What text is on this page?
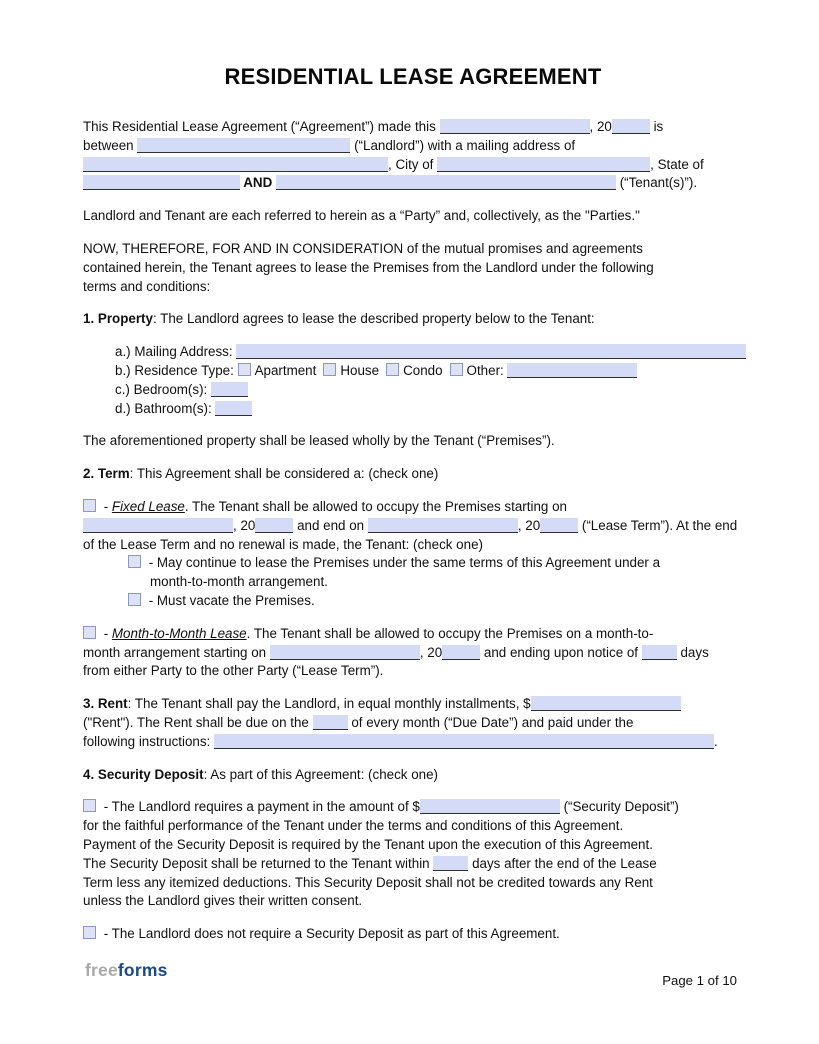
RESIDENTIAL LEASE AGREEMENT
This Residential Lease Agreement (“Agreement”) made this	, 20	is
between	(“Landlord”) with a mailing address of
, City of	, State of
AND	(“Tenant(s)”).
Landlord and Tenant are each referred to herein as a “Party” and, collectively, as the "Parties."
NOW, THEREFORE, FOR AND IN CONSIDERATION of the mutual promises and agreements
contained herein, the Tenant agrees to lease the Premises from the Landlord under the following
terms and conditions:
1. Property: The Landlord agrees to lease the described property below to the Tenant:
a.) Mailing Address:
b.) Residence Type: Apartment House Condo Other:
c.) Bedroom(s):
d.) Bathroom(s):
The aforementioned property shall be leased wholly by the Tenant (“Premises”).
2. Term: This Agreement shall be considered a: (check one)
- Fixed Lease. The Tenant shall be allowed to occupy the Premises starting on
, 20	and end on	, 20	(“Lease Term”). At the end
of the Lease Term and no renewal is made, the Tenant: (check one)
- May continue to lease the Premises under the same terms of this Agreement under a
month-to-month arrangement.
- Must vacate the Premises.
- Month-to-Month Lease. The Tenant shall be allowed to occupy the Premises on a month-to-
month arrangement starting on	, 20	and ending upon notice of	days
from either Party to the other Party (“Lease Term”).
3. Rent: The Tenant shall pay the Landlord, in equal monthly installments, $
("Rent"). The Rent shall be due on the	of every month (“Due Date”) and paid under the
following instructions:	.
4. Security Deposit: As part of this Agreement: (check one)
- The Landlord requires a payment in the amount of $	(“Security Deposit”)
for the faithful performance of the Tenant under the terms and conditions of this Agreement.
Payment of the Security Deposit is required by the Tenant upon the execution of this Agreement.
The Security Deposit shall be returned to the Tenant within	days after the end of the Lease
Term less any itemized deductions. This Security Deposit shall not be credited towards any Rent
unless the Landlord gives their written consent.
- The Landlord does not require a Security Deposit as part of this Agreement.
freeforms
Page 1 of 10
